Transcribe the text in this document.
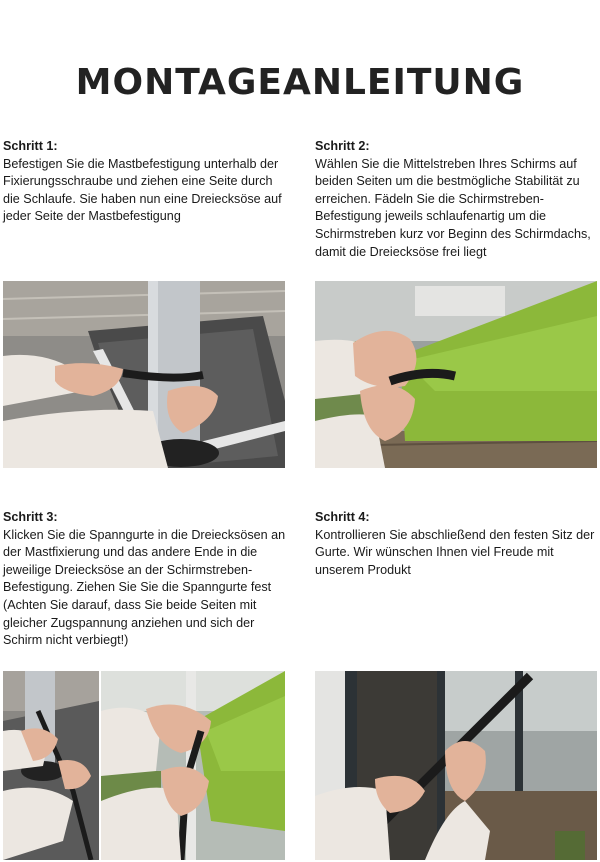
MONTAGEANLEITUNG
Schritt 1:
Befestigen Sie die Mastbefestigung unterhalb der Fixierungsschraube und ziehen eine Seite durch die Schlaufe. Sie haben nun eine Dreiecksöse auf jeder Seite der Mastbefestigung
Schritt 2:
Wählen Sie die Mittelstreben Ihres Schirms auf beiden Seiten um die bestmögliche Stabilität zu erreichen. Fädeln Sie die Schirmstreben-Befestigung jeweils schlaufenartig um die Schirmstreben kurz vor Beginn des Schirmdachs, damit die Dreiecksöse frei liegt
Schritt 3:
Klicken Sie die Spanngurte in die Dreiecksösen an der Mastfixierung und das andere Ende in die jeweilige Dreiecksöse an der Schirmstreben-Befestigung. Ziehen Sie Sie die Spanngurte fest (Achten Sie darauf, dass Sie beide Seiten mit gleicher Zugspannung anziehen und sich der Schirm nicht verbiegt!)
Schritt 4:
Kontrollieren Sie abschließend den festen Sitz der Gurte. Wir wünschen Ihnen viel Freude mit unserem Produkt
